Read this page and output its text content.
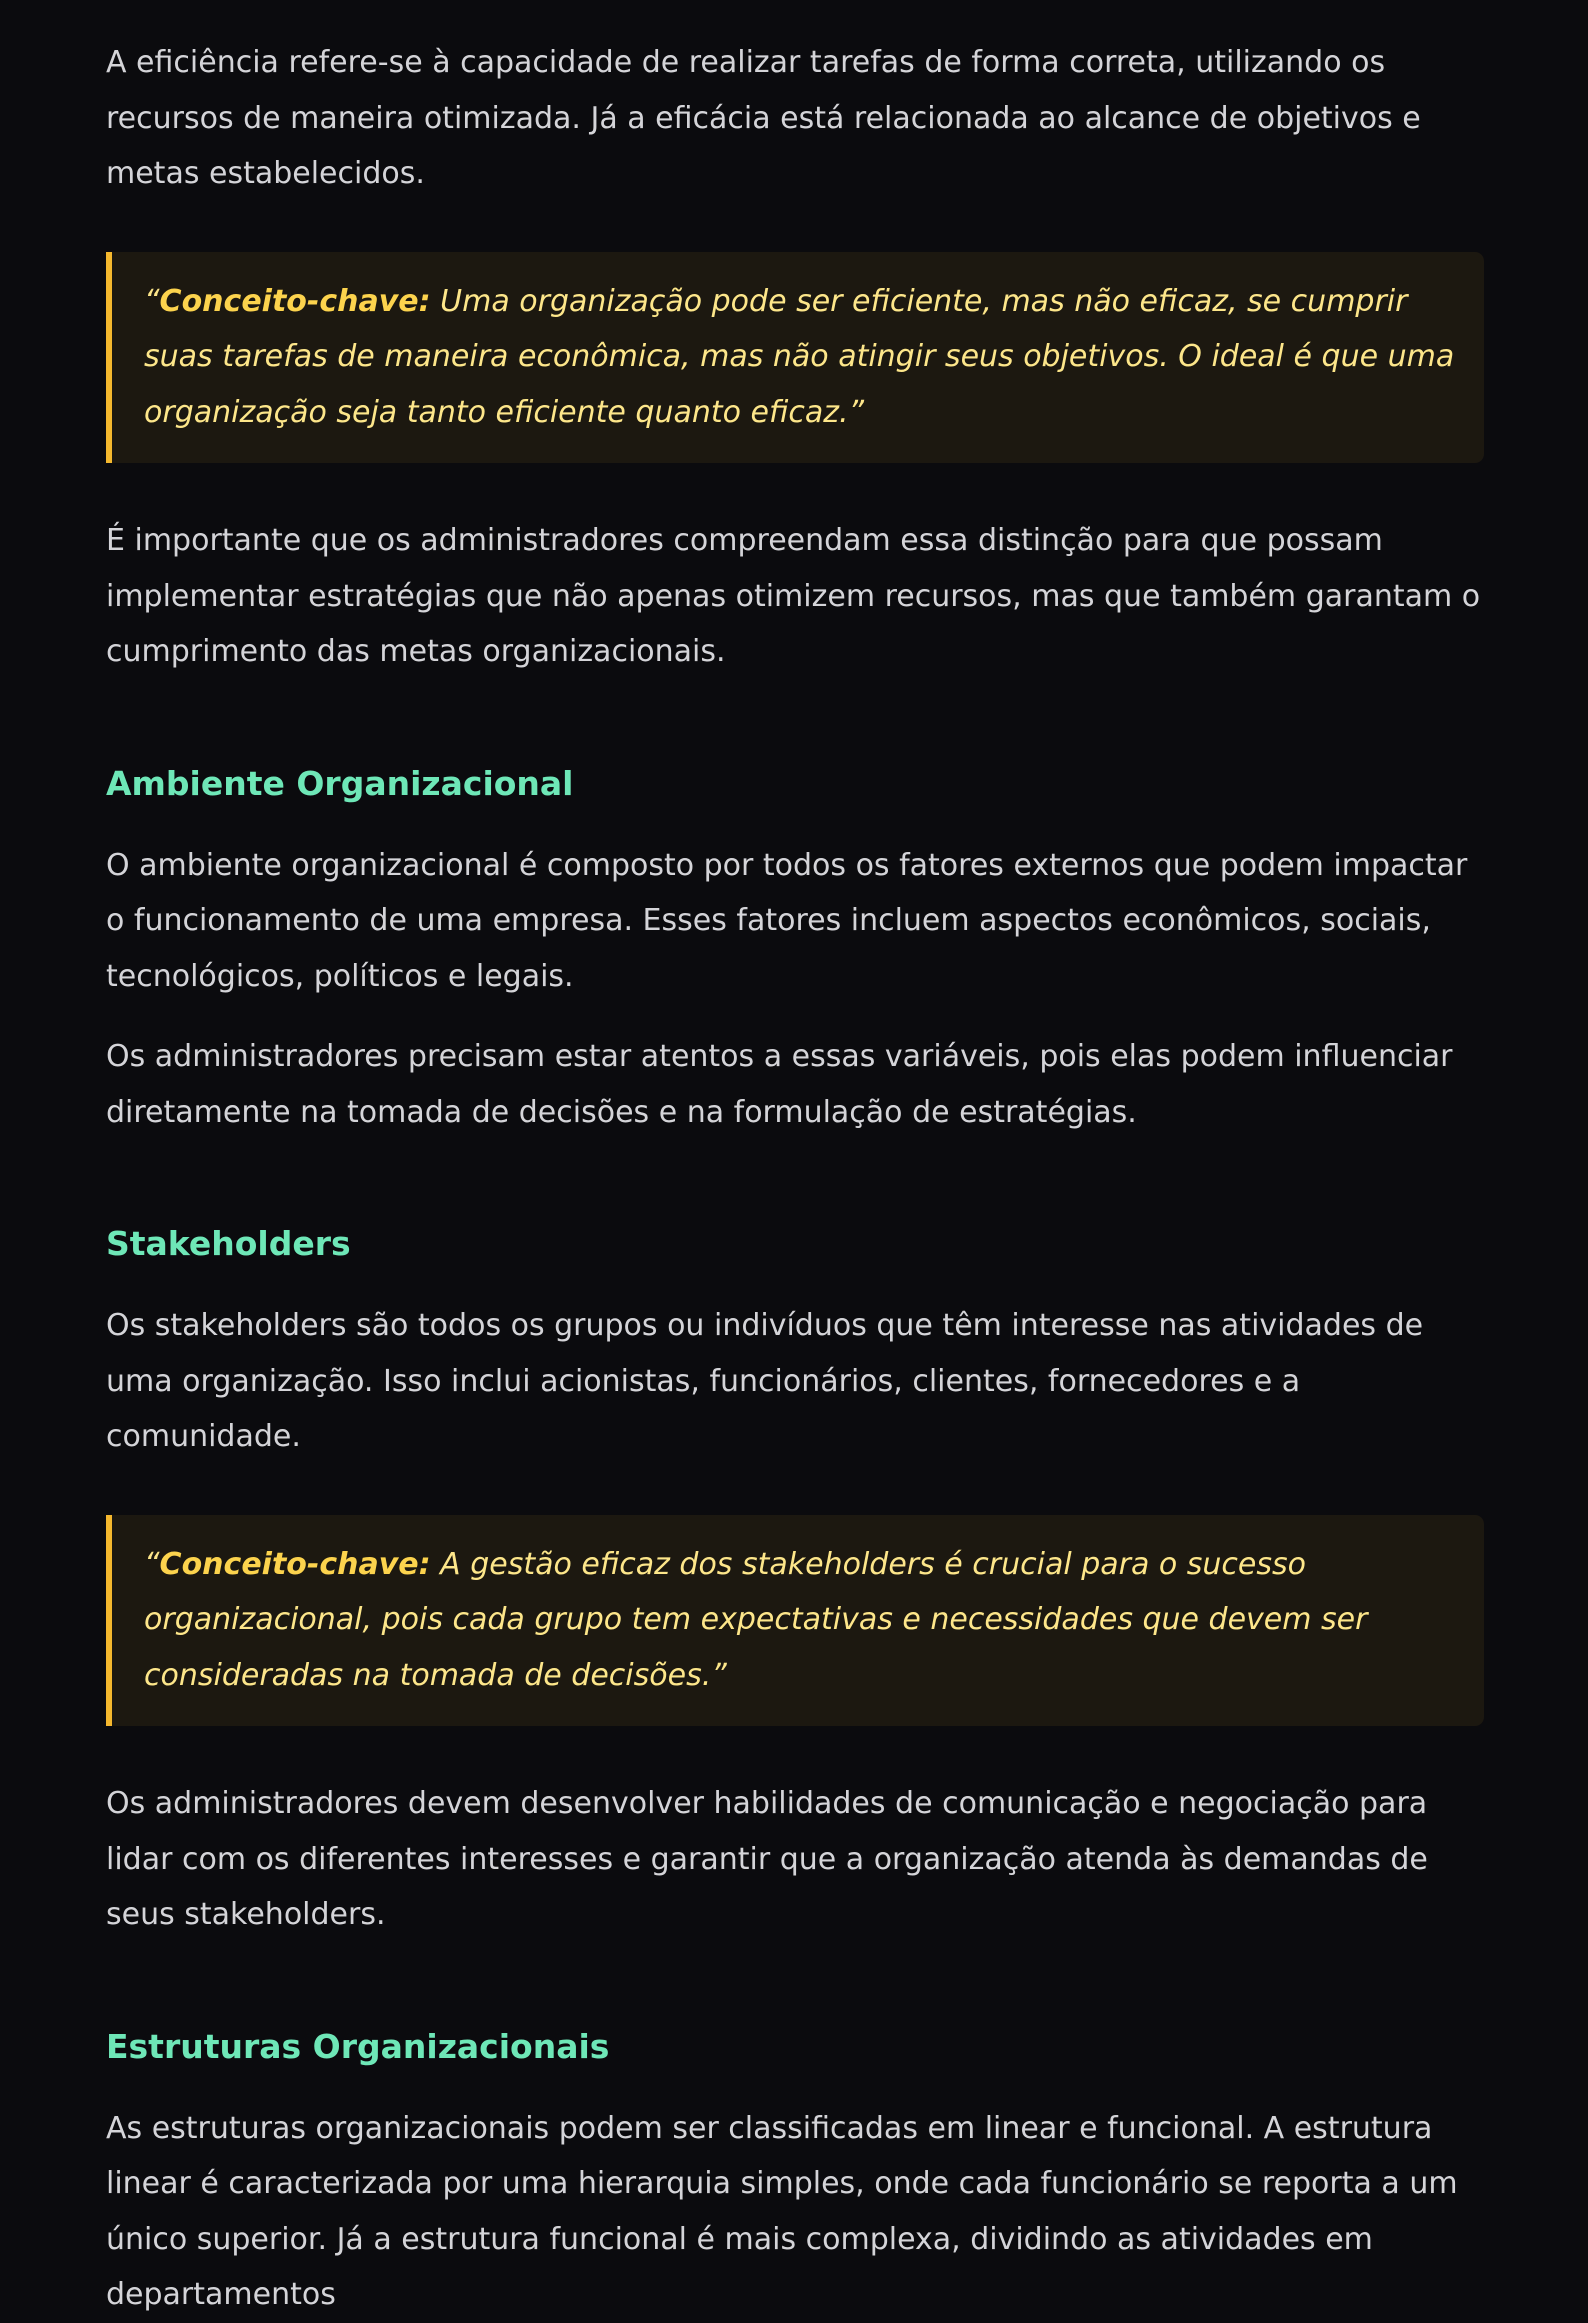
A eficiência refere-se à capacidade de realizar tarefas de forma correta, utilizando os recursos de maneira otimizada. Já a eficácia está relacionada ao alcance de objetivos e metas estabelecidos.

“Conceito-chave: Uma organização pode ser eficiente, mas não eficaz, se cumprir suas tarefas de maneira econômica, mas não atingir seus objetivos. O ideal é que uma organização seja tanto eficiente quanto eficaz.”

É importante que os administradores compreendam essa distinção para que possam implementar estratégias que não apenas otimizem recursos, mas que também garantam o cumprimento das metas organizacionais.

Ambiente Organizacional

O ambiente organizacional é composto por todos os fatores externos que podem impactar o funcionamento de uma empresa. Esses fatores incluem aspectos econômicos, sociais, tecnológicos, políticos e legais.

Os administradores precisam estar atentos a essas variáveis, pois elas podem influenciar diretamente na tomada de decisões e na formulação de estratégias.

Stakeholders

Os stakeholders são todos os grupos ou indivíduos que têm interesse nas atividades de uma organização. Isso inclui acionistas, funcionários, clientes, fornecedores e a comunidade.

“Conceito-chave: A gestão eficaz dos stakeholders é crucial para o sucesso organizacional, pois cada grupo tem expectativas e necessidades que devem ser consideradas na tomada de decisões.”

Os administradores devem desenvolver habilidades de comunicação e negociação para lidar com os diferentes interesses e garantir que a organização atenda às demandas de seus stakeholders.

Estruturas Organizacionais

As estruturas organizacionais podem ser classificadas em linear e funcional. A estrutura linear é caracterizada por uma hierarquia simples, onde cada funcionário se reporta a um único superior. Já a estrutura funcional é mais complexa, dividindo as atividades em departamentos
